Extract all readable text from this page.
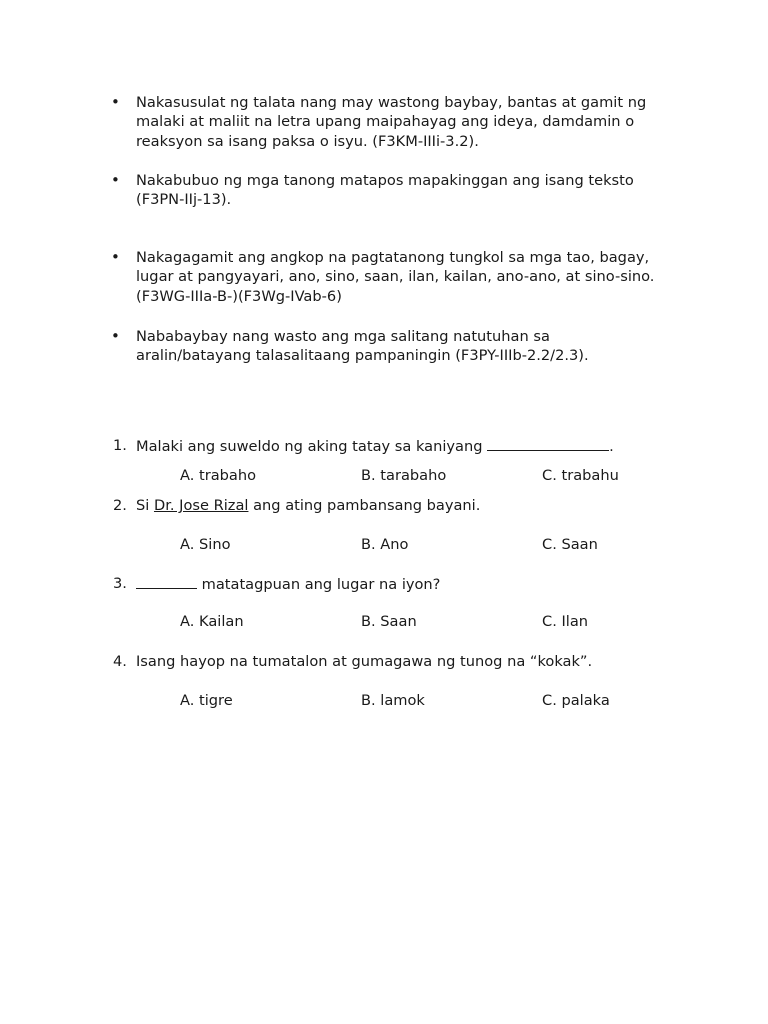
• Nakasusulat ng talata nang may wastong baybay, bantas at gamit ng
malaki at maliit na letra upang maipahayag ang ideya, damdamin o
reaksyon sa isang paksa o isyu. (F3KM-IIIi-3.2).
• Nakabubuo ng mga tanong matapos mapakinggan ang isang teksto
(F3PN-IIj-13).
• Nakagagamit ang angkop na pagtatanong tungkol sa mga tao, bagay,
lugar at pangyayari, ano, sino, saan, ilan, kailan, ano-ano, at sino-sino.
(F3WG-IIIa-B-)(F3Wg-IVab-6)
• Nababaybay nang wasto ang mga salitang natutuhan sa
aralin/batayang talasalitaang pampaningin (F3PY-IIIb-2.2/2.3).
1. Malaki ang suweldo ng aking tatay sa kaniyang	.
A. trabaho	B. tarabaho	C. trabahu
2. Si Dr. Jose Rizal ang ating pambansang bayani.
A. Sino	B. Ano	C. Saan
3.	matatagpuan ang lugar na iyon?
A. Kailan	B. Saan	C. Ilan
4. Isang hayop na tumatalon at gumagawa ng tunog na “kokak”.
A. tigre	B. lamok	C. palaka
